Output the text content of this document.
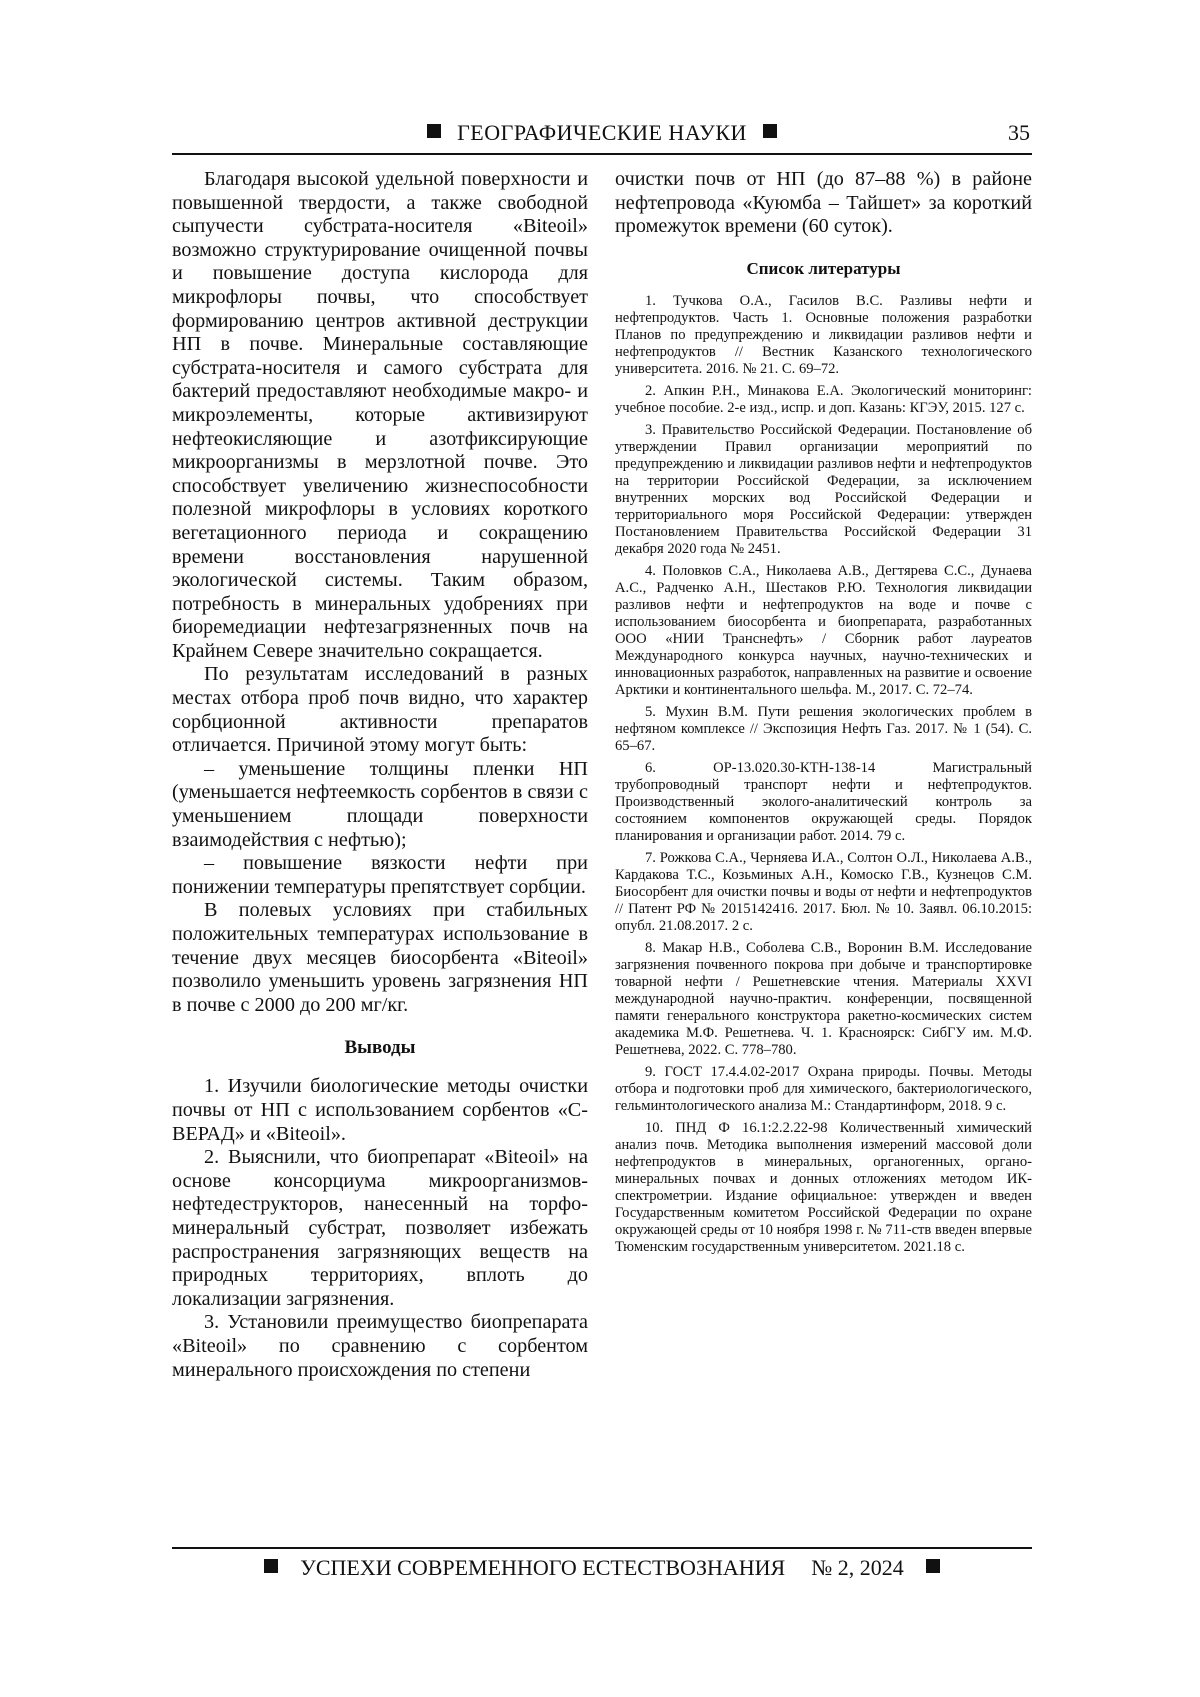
ГЕОГРАФИЧЕСКИЕ НАУКИ	35

Благодаря высокой удельной поверхности и повышенной твердости, а также свободной сыпучести субстрата-носителя «Biteoil» возможно структурирование очищенной почвы и повышение доступа кислорода для микрофлоры почвы, что способствует формированию центров активной деструкции НП в почве. Минеральные составляющие субстрата-носителя и самого субстрата для бактерий предоставляют необходимые макро- и микроэлементы, которые активизируют нефтеокисляющие и азотфиксирующие микроорганизмы в мерзлотной почве. Это способствует увеличению жизнеспособности полезной микрофлоры в условиях короткого вегетационного периода и сокращению времени восстановления нарушенной экологической системы. Таким образом, потребность в минеральных удобрениях при биоремедиации нефтезагрязненных почв на Крайнем Севере значительно сокращается.

По результатам исследований в разных местах отбора проб почв видно, что характер сорбционной активности препаратов отличается. Причиной этому могут быть:

– уменьшение толщины пленки НП (уменьшается нефтеемкость сорбентов в связи с уменьшением площади поверхности взаимодействия с нефтью);

– повышение вязкости нефти при понижении температуры препятствует сорбции.

В полевых условиях при стабильных положительных температурах использование в течение двух месяцев биосорбента «Biteoil» позволило уменьшить уровень загрязнения НП в почве с 2000 до 200 мг/кг.

Выводы

1. Изучили биологические методы очистки почвы от НП с использованием сорбентов «С-ВЕРАД» и «Biteoil».

2. Выяснили, что биопрепарат «Biteoil» на основе консорциума микроорганизмов-нефтедеструкторов, нанесенный на торфо-минеральный субстрат, позволяет избежать распространения загрязняющих веществ на природных территориях, вплоть до локализации загрязнения.

3. Установили преимущество биопрепарата «Biteoil» по сравнению с сорбентом минерального происхождения по степени

очистки почв от НП (до 87–88 %) в районе нефтепровода «Куюмба – Тайшет» за короткий промежуток времени (60 суток).

Список литературы

1. Тучкова О.А., Гасилов В.С. Разливы нефти и нефтепродуктов. Часть 1. Основные положения разработки Планов по предупреждению и ликвидации разливов нефти и нефтепродуктов // Вестник Казанского технологического университета. 2016. № 21. С. 69–72.

2. Апкин Р.Н., Минакова Е.А. Экологический мониторинг: учебное пособие. 2-е изд., испр. и доп. Казань: КГЭУ, 2015. 127 с.

3. Правительство Российской Федерации. Постановление об утверждении Правил организации мероприятий по предупреждению и ликвидации разливов нефти и нефтепродуктов на территории Российской Федерации, за исключением внутренних морских вод Российской Федерации и территориального моря Российской Федерации: утвержден Постановлением Правительства Российской Федерации 31 декабря 2020 года № 2451.

4. Половков С.А., Николаева А.В., Дегтярева С.С., Дунаева А.С., Радченко А.Н., Шестаков Р.Ю. Технология ликвидации разливов нефти и нефтепродуктов на воде и почве с использованием биосорбента и биопрепарата, разработанных ООО «НИИ Транснефть» / Сборник работ лауреатов Международного конкурса научных, научно-технических и инновационных разработок, направленных на развитие и освоение Арктики и континентального шельфа. М., 2017. С. 72–74.

5. Мухин В.М. Пути решения экологических проблем в нефтяном комплексе // Экспозиция Нефть Газ. 2017. № 1 (54). С. 65–67.

6. ОР-13.020.30-КТН-138-14 Магистральный трубопроводный транспорт нефти и нефтепродуктов. Производственный эколого-аналитический контроль за состоянием компонентов окружающей среды. Порядок планирования и организации работ. 2014. 79 с.

7. Рожкова С.А., Черняева И.А., Солтон О.Л., Николаева А.В., Кардакова Т.С., Козьминых А.Н., Комоско Г.В., Кузнецов С.М. Биосорбент для очистки почвы и воды от нефти и нефтепродуктов // Патент РФ № 2015142416. 2017. Бюл. № 10. Заявл. 06.10.2015: опубл. 21.08.2017. 2 с.

8. Макар Н.В., Соболева С.В., Воронин В.М. Исследование загрязнения почвенного покрова при добыче и транспортировке товарной нефти / Решетневские чтения. Материалы XXVI международной научно-практич. конференции, посвященной памяти генерального конструктора ракетно-космических систем академика М.Ф. Решетнева. Ч. 1. Красноярск: СибГУ им. М.Ф. Решетнева, 2022. С. 778–780.

9. ГОСТ 17.4.4.02-2017 Охрана природы. Почвы. Методы отбора и подготовки проб для химического, бактериологического, гельминтологического анализа М.: Стандартинформ, 2018. 9 с.

10. ПНД Ф 16.1:2.2.22-98 Количественный химический анализ почв. Методика выполнения измерений массовой доли нефтепродуктов в минеральных, органогенных, органо-минеральных почвах и донных отложениях методом ИК-спектрометрии. Издание официальное: утвержден и введен Государственным комитетом Российской Федерации по охране окружающей среды от 10 ноября 1998 г. № 711-ств введен впервые Тюменским государственным университетом. 2021.18 с.

УСПЕХИ СОВРЕМЕННОГО ЕСТЕСТВОЗНАНИЯ № 2, 2024
